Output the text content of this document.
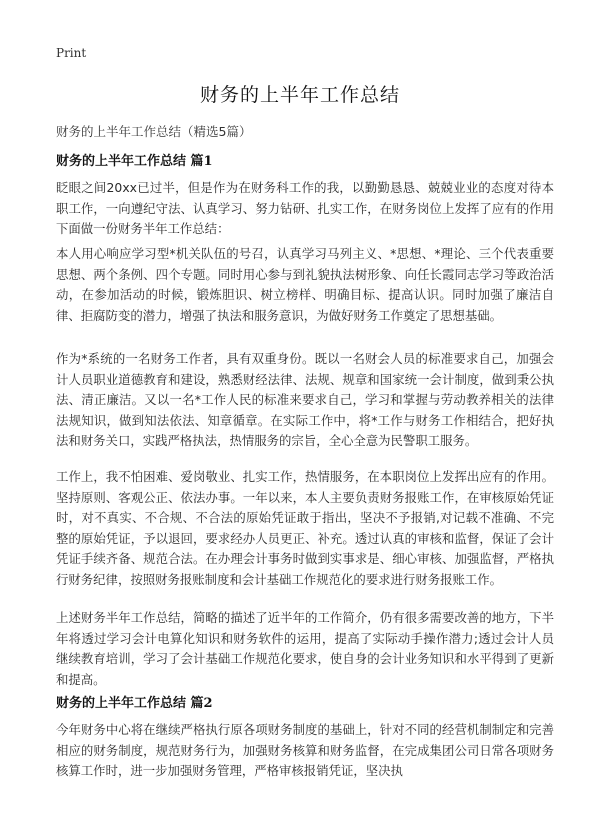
Print
财务的上半年工作总结
财务的上半年工作总结（精选5篇）
财务的上半年工作总结 篇1
眨眼之间20xx已过半，但是作为在财务科工作的我，以勤勤恳恳、兢兢业业的态度对待本职工作，一向遵纪守法、认真学习、努力钻研、扎实工作，在财务岗位上发挥了应有的作用下面做一份财务半年工作总结：
本人用心响应学习型*机关队伍的号召，认真学习马列主义、*思想、*理论、三个代表重要思想、两个条例、四个专题。同时用心参与到礼貌执法树形象、向任长霞同志学习等政治活动，在参加活动的时候，锻炼胆识、树立榜样、明确目标、提高认识。同时加强了廉洁自律、拒腐防变的潜力，增强了执法和服务意识，为做好财务工作奠定了思想基础。
作为*系统的一名财务工作者，具有双重身份。既以一名财会人员的标准要求自己，加强会计人员职业道德教育和建设，熟悉财经法律、法规、规章和国家统一会计制度，做到秉公执法、清正廉洁。又以一名*工作人民的标准来要求自己，学习和掌握与劳动教养相关的法律法规知识，做到知法依法、知章循章。在实际工作中，将*工作与财务工作相结合，把好执法和财务关口，实践严格执法，热情服务的宗旨，全心全意为民警职工服务。
工作上，我不怕困难、爱岗敬业、扎实工作，热情服务，在本职岗位上发挥出应有的作用。坚持原则、客观公正、依法办事。一年以来，本人主要负责财务报账工作，在审核原始凭证时，对不真实、不合规、不合法的原始凭证敢于指出，坚决不予报销,对记载不准确、不完整的原始凭证，予以退回，要求经办人员更正、补充。透过认真的审核和监督，保证了会计凭证手续齐备、规范合法。在办理会计事务时做到实事求是、细心审核、加强监督，严格执行财务纪律，按照财务报账制度和会计基础工作规范化的要求进行财务报账工作。
上述财务半年工作总结，简略的描述了近半年的工作简介，仍有很多需要改善的地方，下半年将透过学习会计电算化知识和财务软件的运用，提高了实际动手操作潜力;透过会计人员继续教育培训，学习了会计基础工作规范化要求，使自身的会计业务知识和水平得到了更新和提高。
财务的上半年工作总结 篇2
今年财务中心将在继续严格执行原各项财务制度的基础上，针对不同的经营机制制定和完善相应的财务制度，规范财务行为，加强财务核算和财务监督，在完成集团公司日常各项财务核算工作时，进一步加强财务管理，严格审核报销凭证，坚决执
